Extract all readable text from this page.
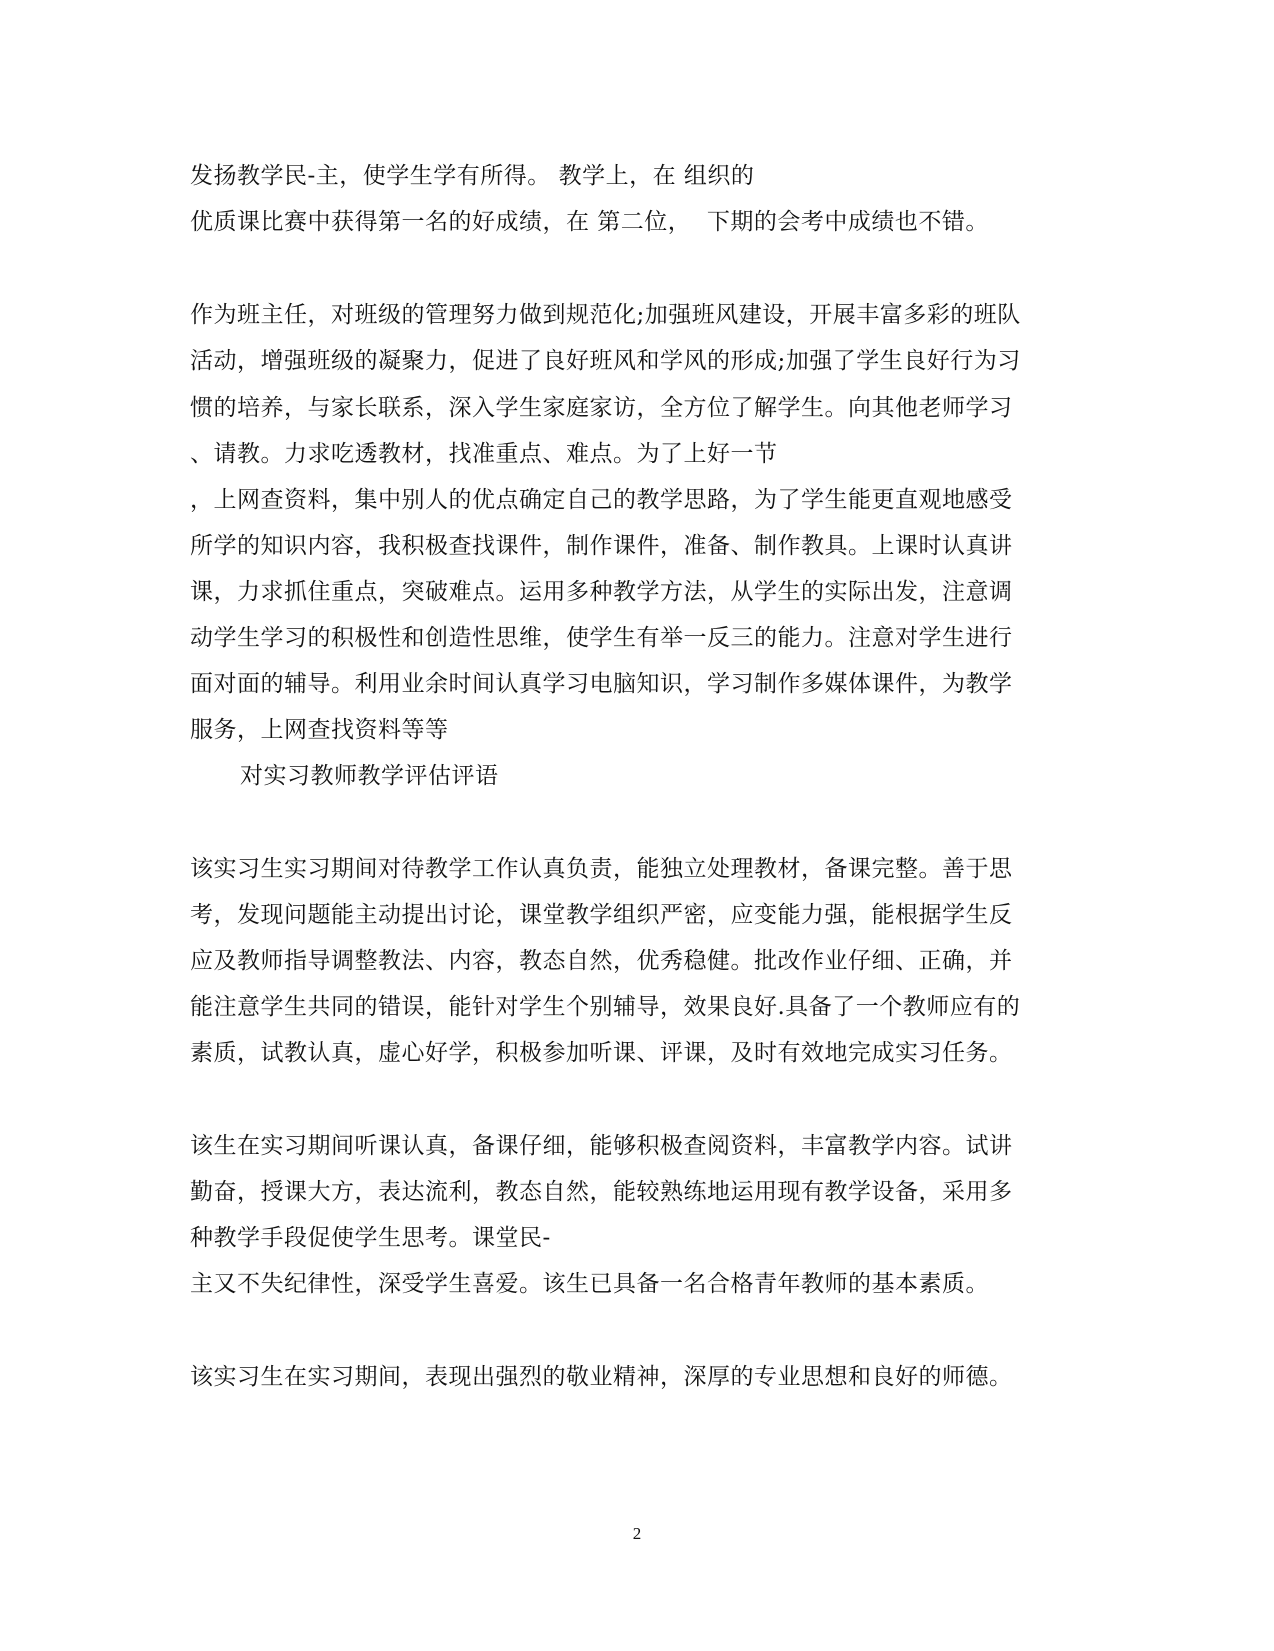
发扬教学民-主，使学生学有所得。 教学上，在 组织的
优质课比赛中获得第一名的好成绩，在 第二位，  下期的会考中成绩也不错。
作为班主任，对班级的管理努力做到规范化;加强班风建设，开展丰富多彩的班队
活动，增强班级的凝聚力，促进了良好班风和学风的形成;加强了学生良好行为习
惯的培养，与家长联系，深入学生家庭家访，全方位了解学生。向其他老师学习
、请教。力求吃透教材，找准重点、难点。为了上好一节
，上网查资料，集中别人的优点确定自己的教学思路，为了学生能更直观地感受
所学的知识内容，我积极查找课件，制作课件，准备、制作教具。上课时认真讲
课，力求抓住重点，突破难点。运用多种教学方法，从学生的实际出发，注意调
动学生学习的积极性和创造性思维，使学生有举一反三的能力。注意对学生进行
面对面的辅导。利用业余时间认真学习电脑知识，学习制作多媒体课件，为教学
服务，上网查找资料等等
对实习教师教学评估评语
该实习生实习期间对待教学工作认真负责，能独立处理教材，备课完整。善于思
考，发现问题能主动提出讨论，课堂教学组织严密，应变能力强，能根据学生反
应及教师指导调整教法、内容，教态自然，优秀稳健。批改作业仔细、正确，并
能注意学生共同的错误，能针对学生个别辅导，效果良好.具备了一个教师应有的
素质，试教认真，虚心好学，积极参加听课、评课，及时有效地完成实习任务。
该生在实习期间听课认真，备课仔细，能够积极查阅资料，丰富教学内容。试讲
勤奋，授课大方，表达流利，教态自然，能较熟练地运用现有教学设备，采用多
种教学手段促使学生思考。课堂民-
主又不失纪律性，深受学生喜爱。该生已具备一名合格青年教师的基本素质。
该实习生在实习期间，表现出强烈的敬业精神，深厚的专业思想和良好的师德。
2
